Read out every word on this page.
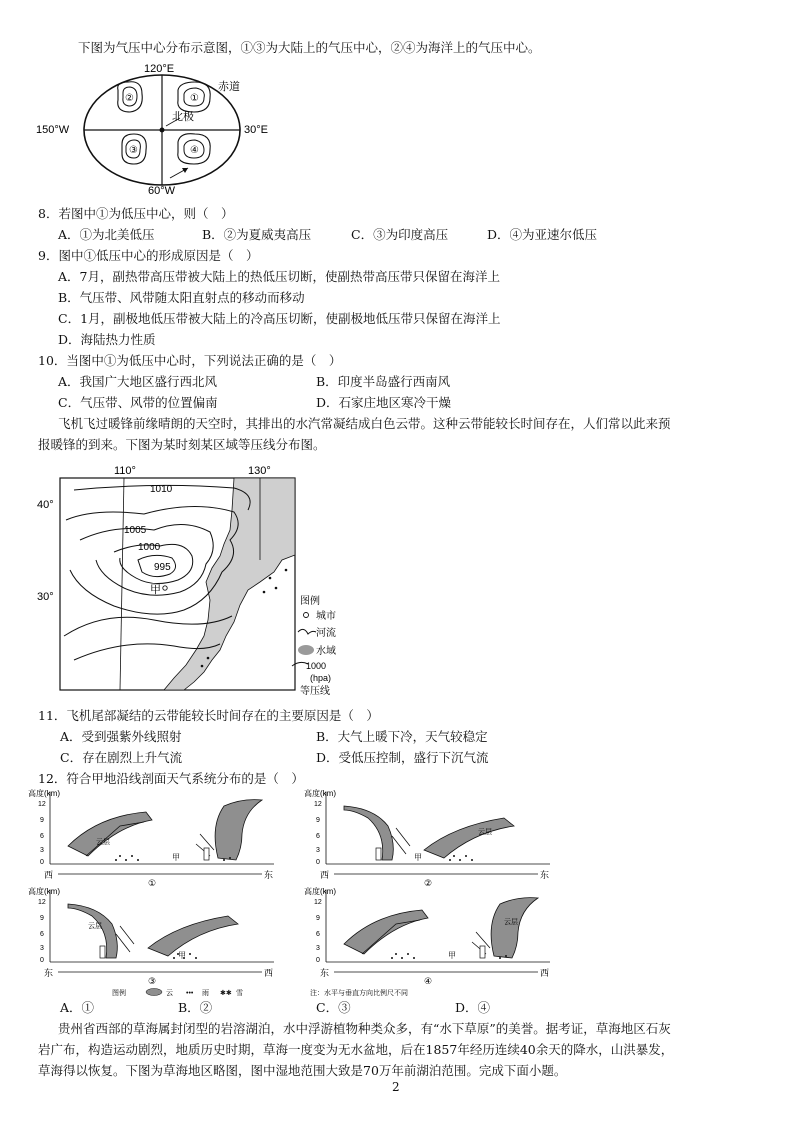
下图为气压中心分布示意图，①③为大陆上的气压中心，②④为海洋上的气压中心。
120°E
150°W	30°E
60°W
赤道
北极
②	①
③	④
8．若图中①为低压中心，则（　）
A．①为北美低压	B．②为夏威夷高压	C．③为印度高压	D．④为亚速尔低压
9．图中①低压中心的形成原因是（　）
A．7月，副热带高压带被大陆上的热低压切断，使副热带高压带只保留在海洋上
B．气压带、风带随太阳直射点的移动而移动
C．1月，副极地低压带被大陆上的冷高压切断，使副极地低压带只保留在海洋上
D．海陆热力性质
10．当图中①为低压中心时，下列说法正确的是（　）
A．我国广大地区盛行西北风	B．印度半岛盛行西南风
C．气压带、风带的位置偏南	D．石家庄地区寒冷干燥
飞机飞过暖锋前缘晴朗的天空时，其排出的水汽常凝结成白色云带。这种云带能较长时间存在，人们常以此来预
报暖锋的到来。下图为某时刻某区域等压线分布图。
110°	130°
40°
30°
1010
1005
1000
995
甲
图例
城市
河流
水域
1000
(hpa)
等压线
11．飞机尾部凝结的云带能较长时间存在的主要原因是（　）
A．受到强紫外线照射	B．大气上暖下冷，天气较稳定
C．存在剧烈上升气流	D．受低压控制，盛行下沉气流
12．符合甲地沿线剖面天气系统分布的是（　）
高度(km)
12
9
6
3
0
云层
甲
西	东
①
高度(km)
12
9
6
3
0
云层
甲
西	东
②
高度(km)
12
9
6
3
0
云层
甲
东	西
③
高度(km)
12
9
6
3
0
云层
甲
东	西
④
图例	云 ••• 雨 ✱✱ 雪	注：水平与垂直方向比例尺不同
A．①	B．②	C．③	D．④
贵州省西部的草海属封闭型的岩溶湖泊，水中浮游植物种类众多，有“水下草原”的美誉。据考证，草海地区石灰
岩广布，构造运动剧烈，地质历史时期，草海一度变为无水盆地，后在1857年经历连续40余天的降水，山洪暴发，
草海得以恢复。下图为草海地区略图，图中湿地范围大致是70万年前湖泊范围。完成下面小题。
2
